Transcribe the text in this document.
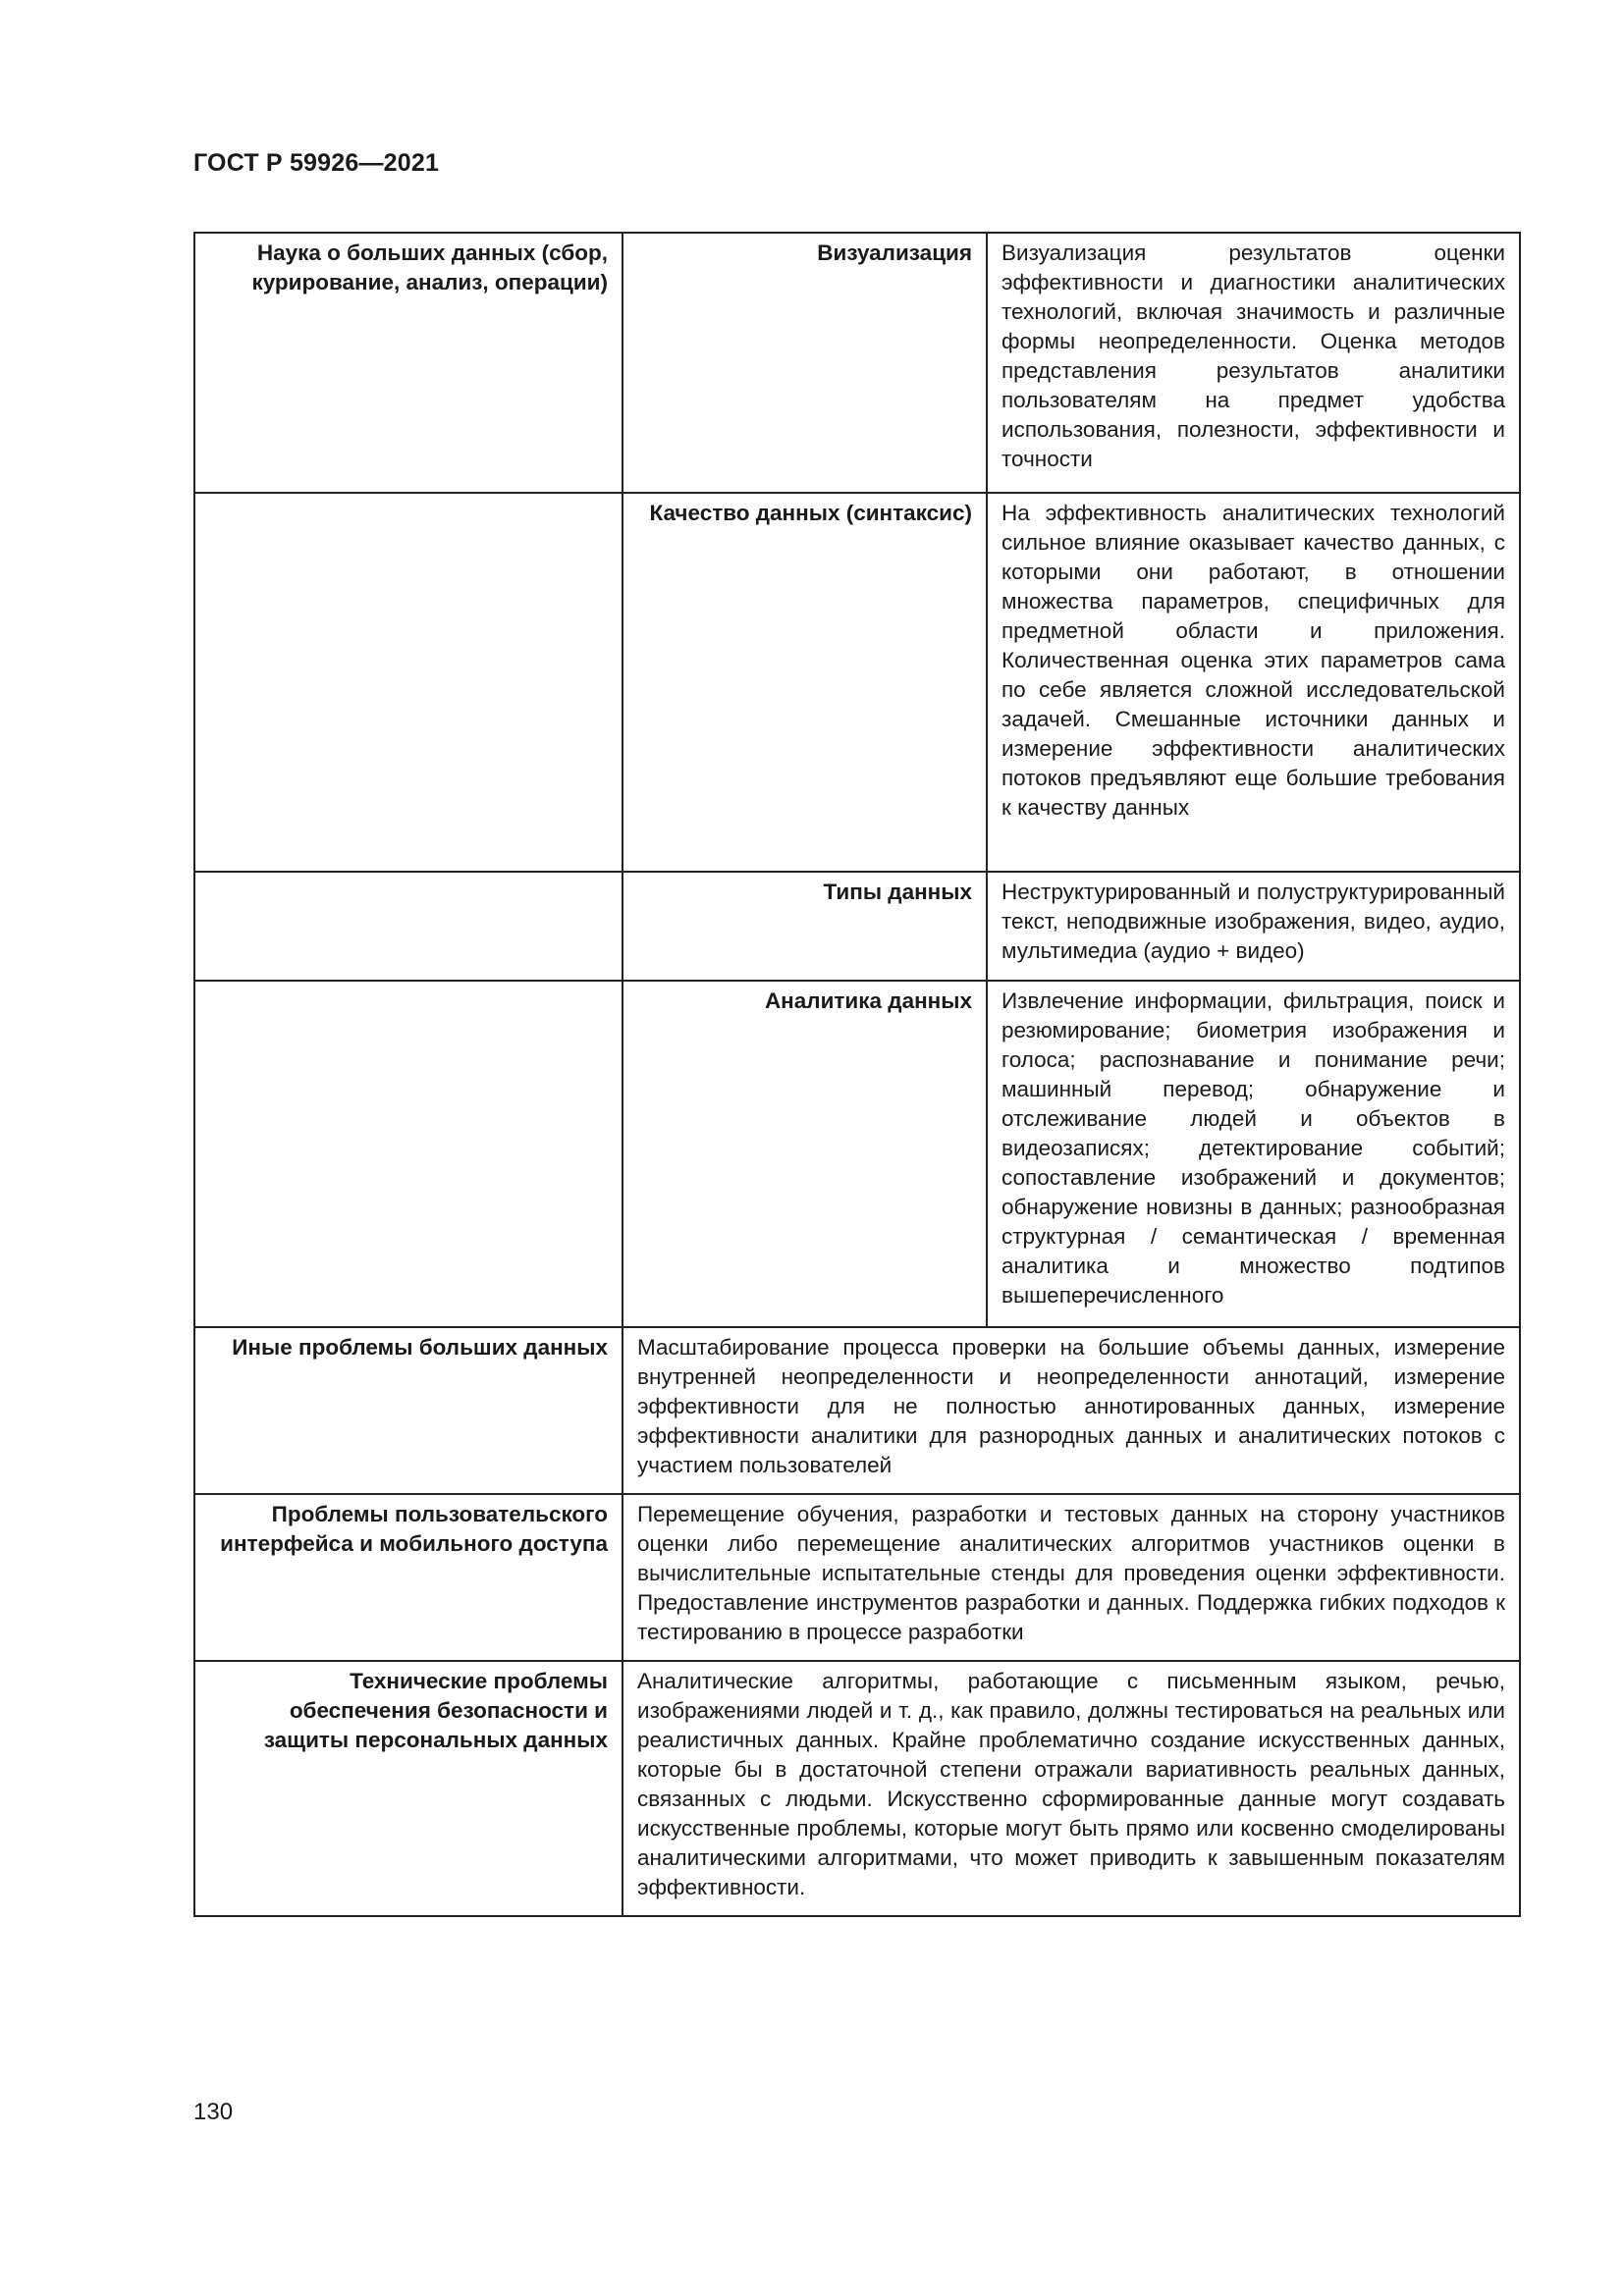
ГОСТ Р 59926—2021
Наука о больших данных (сбор, курирование, анализ, операции)	Визуализация	Визуализация результатов оценки эффективности и диагностики аналитических технологий, включая значимость и различные формы неопределенности. Оценка методов представления результатов аналитики пользователям на предмет удобства использования, полезности, эффективности и точности
	Качество данных (синтаксис)	На эффективность аналитических технологий сильное влияние оказывает качество данных, с которыми они работают, в отношении множества параметров, специфичных для предметной области и приложения. Количественная оценка этих параметров сама по себе является сложной исследовательской задачей. Смешанные источники данных и измерение эффективности аналитических потоков предъявляют еще большие требования к качеству данных
	Типы данных	Неструктурированный и полуструктурированный текст, неподвижные изображения, видео, аудио, мультимедиа (аудио + видео)
	Аналитика данных	Извлечение информации, фильтрация, поиск и резюмирование; биометрия изображения и голоса; распознавание и понимание речи; машинный перевод; обнаружение и отслеживание людей и объектов в видеозаписях; детектирование событий; сопоставление изображений и документов; обнаружение новизны в данных; разнообразная структурная / семантическая / временная аналитика и множество подтипов вышеперечисленного
Иные проблемы больших данных	Масштабирование процесса проверки на большие объемы данных, измерение внутренней неопределенности и неопределенности аннотаций, измерение эффективности для не полностью аннотированных данных, измерение эффективности аналитики для разнородных данных и аналитических потоков с участием пользователей	
Проблемы пользовательского интерфейса и мобильного доступа	Перемещение обучения, разработки и тестовых данных на сторону участников оценки либо перемещение аналитических алгоритмов участников оценки в вычислительные испытательные стенды для проведения оценки эффективности. Предоставление инструментов разработки и данных. Поддержка гибких подходов к тестированию в процессе разработки	
Технические проблемы обеспечения безопасности и защиты персональных данных	Аналитические алгоритмы, работающие с письменным языком, речью, изображениями людей и т. д., как правило, должны тестироваться на реальных или реалистичных данных. Крайне проблематично создание искусственных данных, которые бы в достаточной степени отражали вариативность реальных данных, связанных с людьми. Искусственно сформированные данные могут создавать искусственные проблемы, которые могут быть прямо или косвенно смоделированы аналитическими алгоритмами, что может приводить к завышенным показателям эффективности.	
130
